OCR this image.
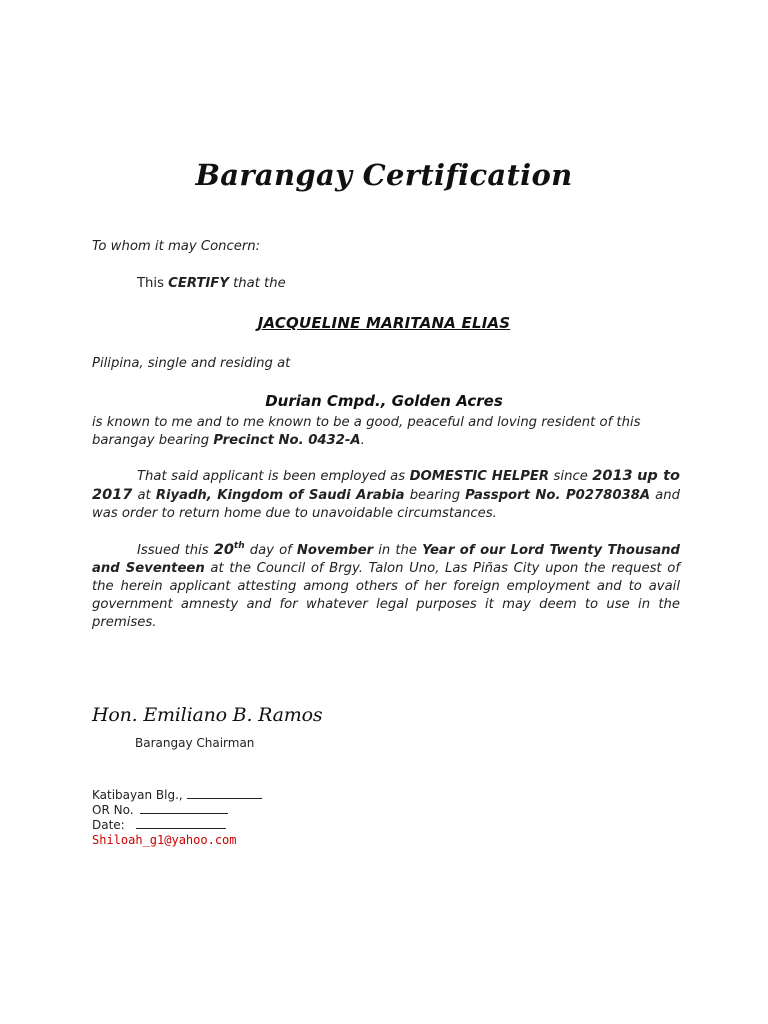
Barangay Certification
To whom it may Concern:
This CERTIFY that the
JACQUELINE MARITANA ELIAS
Pilipina, single and residing at
Durian Cmpd., Golden Acres
is known to me and to me known to be a good, peaceful and loving resident of this barangay bearing Precinct No. 0432-A.
That said applicant is been employed as DOMESTIC HELPER since 2013 up to 2017 at Riyadh, Kingdom of Saudi Arabia bearing Passport No. P0278038A and was order to return home due to unavoidable circumstances.
Issued this 20th day of November in the Year of our Lord Twenty Thousand and Seventeen at the Council of Brgy. Talon Uno, Las Piñas City upon the request of the herein applicant attesting among others of her foreign employment and to avail government amnesty and for whatever legal purposes it may deem to use in the premises.
Hon. Emiliano B. Ramos
Barangay Chairman
Katibayan Blg.,
OR No.
Date:
Shiloah_g1@yahoo.com
